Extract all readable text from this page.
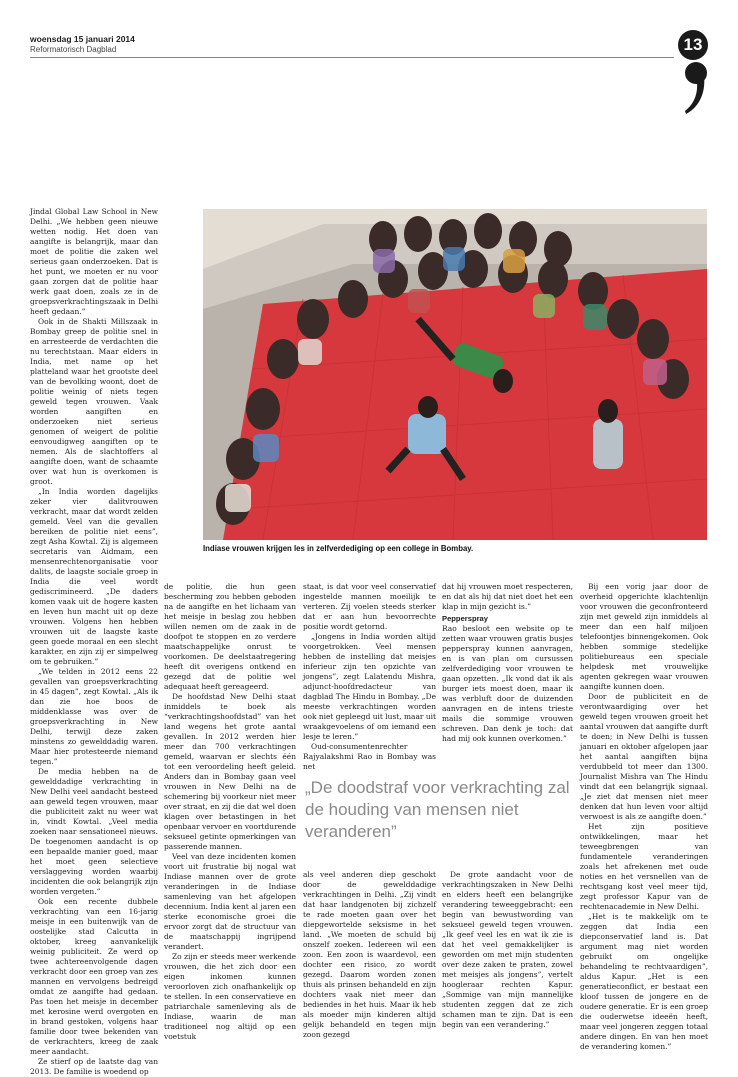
woensdag 15 januari 2014
Reformatorisch Dagblad	13
Indiase vrouwen krijgen les in zelfverdediging op een college in Bombay.

Jindal Global Law School in New Delhi. „We hebben geen nieuwe wetten nodig. Het doen van aangifte is belangrijk, maar dan moet de politie die zaken wel serieus gaan onderzoeken. Dat is het punt, we moeten er nu voor gaan zorgen dat de politie haar werk gaat doen, zoals ze in de groepsverkrachtingszaak in Delhi heeft gedaan.”

Ook in de Shakti Millszaak in Bombay greep de politie snel in en arresteerde de verdachten die nu terechtstaan. Maar elders in India, met name op het platteland waar het grootste deel van de bevolking woont, doet de politie weinig of niets tegen geweld tegen vrouwen. Vaak worden aangiften en onderzoeken niet serieus genomen of weigert de politie eenvoudigweg aangiften op te nemen. Als de slachtoffers al aangifte doen, want de schaamte over wat hun is overkomen is groot.

„In India worden dagelijks zeker vier dalitvrouwen verkracht, maar dat wordt zelden gemeld. Veel van die gevallen bereiken de politie niet eens”, zegt Asha Kowtal. Zij is algemeen secretaris van Aidmam, een mensenrechtenorganisatie voor dalits, de laagste sociale groep in India die veel wordt gediscrimineerd. „De daders komen vaak uit de hogere kasten en leven hun macht uit op deze vrouwen. Volgens hen hebben vrouwen uit de laagste kaste geen goede moraal en een slecht karakter, en zijn zij er simpelweg om te gebruiken.”

„We telden in 2012 eens 22 gevallen van groepsverkrachting in 45 dagen”, zegt Kowtal. „Als ik dan zie hoe boos de middenklasse was over de groepsverkrachting in New Delhi, terwijl deze zaken minstens zo gewelddadig waren. Maar hier protesteerde niemand tegen.”

De media hebben na de gewelddadige verkrachting in New Delhi veel aandacht besteed aan geweld tegen vrouwen, maar die publiciteit zakt nu weer wat in, vindt Kowtal. „Veel media zoeken naar sensationeel nieuws. De toegenomen aandacht is op een bepaalde manier goed, maar het moet geen selectieve verslaggeving worden waarbij incidenten die ook belangrijk zijn worden vergeten.”

Ook een recente dubbele verkrachting van een 16-jarig meisje in een buitenwijk van de oostelijke stad Calcutta in oktober, kreeg aanvankelijk weinig publiciteit. Ze werd op twee achtereenvolgende dagen verkracht door een groep van zes mannen en vervolgens bedreigd omdat ze aangifte had gedaan. Pas toen het meisje in december met kerosine werd overgoten en in brand gestoken, volgens haar familie door twee bekenden van de verkrachters, kreeg de zaak meer aandacht.

Ze stierf op de laatste dag van 2013. De familie is woedend op

de politie, die hun geen bescherming zou hebben geboden na de aangifte en het lichaam van het meisje in beslag zou hebben willen nemen om de zaak in de doofpot te stoppen en zo verdere maatschappelijke onrust te voorkomen. De deelstaatregering heeft dit overigens ontkend en gezegd dat de politie wel adequaat heeft gereageerd.

De hoofdstad New Delhi staat inmiddels te boek als “verkrachtingshoofdstad” van het land wegens het grote aantal gevallen. In 2012 werden hier meer dan 700 verkrachtingen gemeld, waarvan er slechts één tot een veroordeling heeft geleid. Anders dan in Bombay gaan veel vrouwen in New Delhi na de schemering bij voorkeur niet meer over straat, en zij die dat wel doen klagen over betastingen in het openbaar vervoer en voortdurende seksueel getinte opmerkingen van passerende mannen.

Veel van deze incidenten komen voort uit frustratie bij nogal wat Indiase mannen over de grote veranderingen in de Indiase samenleving van het afgelopen decennium. India kent al jaren een sterke economische groei die ervoor zorgt dat de structuur van de maatschappij ingrijpend verandert.

Zo zijn er steeds meer werkende vrouwen, die het zich door een eigen inkomen kunnen veroorloven zich onafhankelijk op te stellen. In een conservatieve en patriarchale samenleving als de Indiase, waarin de man traditioneel nog altijd op een voetstuk

staat, is dat voor veel conservatief ingestelde mannen moeilijk te verteren. Zij voelen steeds sterker dat er aan hun bevoorrechte positie wordt getornd.

„Jongens in India worden altijd voorgetrokken. Veel mensen hebben de instelling dat meisjes inferieur zijn ten opzichte van jongens”, zegt Lalatendu Mishra, adjunct-hoofdredacteur van dagblad The Hindu in Bombay. „De meeste verkrachtingen worden ook niet gepleegd uit lust, maar uit wraakgevoelens of om iemand een lesje te leren.”

Oud-consumentenrechter Rajyalakshmi Rao in Bombay was net

dat hij vrouwen moet respecteren, en dat als hij dat niet doet het een klap in mijn gezicht is.”

Pepperspray

Rao besloot een website op te zetten waar vrouwen gratis busjes pepperspray kunnen aanvragen, en is van plan om cursussen zelfverdediging voor vrouwen te gaan opzetten. „Ik vond dat ik als burger iets moest doen, maar ik was verbluft door de duizenden aanvragen en de intens trieste mails die sommige vrouwen schreven. Dan denk je toch: dat had mij ook kunnen overkomen.”

„De doodstraf voor verkrachting zal de houding van mensen niet veranderen”

als veel anderen diep geschokt door de gewelddadige verkrachtingen in Delhi. „Zij vindt dat haar landgenoten bij zichzelf te rade moeten gaan over het diepgewortelde seksisme in het land. „We moeten de schuld bij onszelf zoeken. Iedereen wil een zoon. Een zoon is waardevol, een dochter een risico, zo wordt gezegd. Daarom worden zonen thuis als prinsen behandeld en zijn dochters vaak niet meer dan bediendes in het huis. Maar ik heb als moeder mijn kinderen altijd gelijk behandeld en tegen mijn zoon gezegd

De grote aandacht voor de verkrachtingszaken in New Delhi en elders heeft een belangrijke verandering teweeggebracht: een begin van bewustwording van seksueel geweld tegen vrouwen. „Ik geef veel les en wat ik zie is dat het veel gemakkelijker is geworden om met mijn studenten over deze zaken te praten, zowel met meisjes als jongens”, vertelt hoogleraar rechten Kapur. „Sommige van mijn mannelijke studenten zeggen dat ze zich schamen man te zijn. Dat is een begin van een verandering.”

Bij een vorig jaar door de overheid opgerichte klachtenlijn voor vrouwen die geconfronteerd zijn met geweld zijn inmiddels al meer dan een half miljoen telefoontjes binnengekomen. Ook hebben sommige stedelijke politiebureaus een speciale helpdesk met vrouwelijke agenten gekregen waar vrouwen aangifte kunnen doen.

Door de publiciteit en de verontwaardiging over het geweld tegen vrouwen groeit het aantal vrouwen dat aangifte durft te doen; in New Delhi is tussen januari en oktober afgelopen jaar het aantal aangiften bijna verdubbeld tot meer dan 1300. Journalist Mishra van The Hindu vindt dat een belangrijk signaal. „Je ziet dat mensen niet meer denken dat hun leven voor altijd verwoest is als ze aangifte doen.”

Het zijn positieve ontwikkelingen, maar het teweegbrengen van fundamentele veranderingen zoals het afrekenen met oude noties en het versnellen van de rechtsgang kost veel meer tijd, zegt professor Kapur van de rechtenacademie in New Delhi.

„Het is te makkelijk om te zeggen dat India een diepconservatief land is. Dat argument mag niet worden gebruikt om ongelijke behandeling te rechtvaardigen”, aldus Kapur. „Het is een generatieconflict, er bestaat een kloof tussen de jongere en de oudere generatie. Er is een groep die ouderwetse ideeën heeft, maar veel jongeren zeggen totaal andere dingen. En van hen moet de verandering komen.”
